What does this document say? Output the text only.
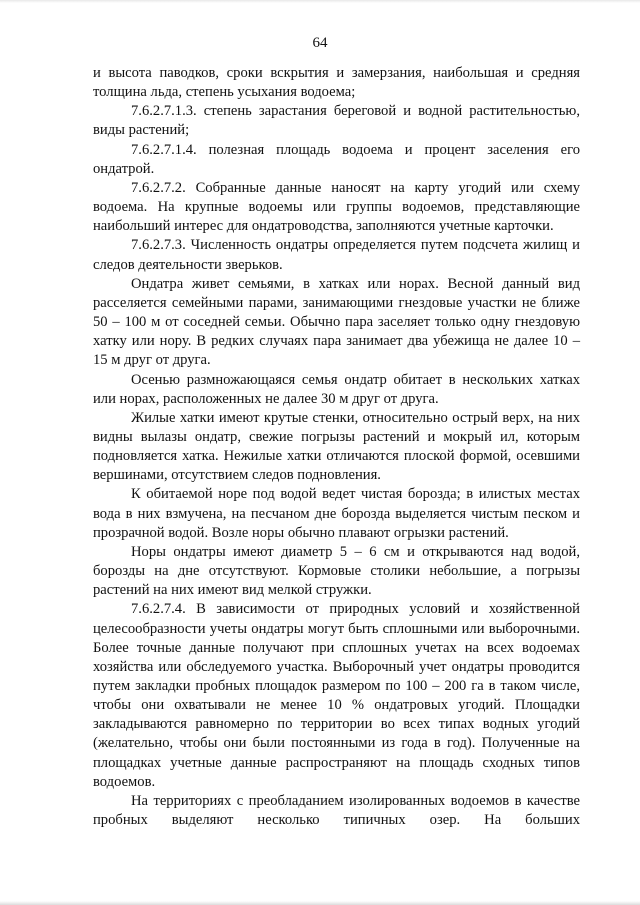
64

и высота паводков, сроки вскрытия и замерзания, наибольшая и средняя толщина льда, степень усыхания водоема;

7.6.2.7.1.3. степень зарастания береговой и водной растительностью, виды растений;

7.6.2.7.1.4. полезная площадь водоема и процент заселения его ондатрой.

7.6.2.7.2. Собранные данные наносят на карту угодий или схему водоема. На крупные водоемы или группы водоемов, представляющие наибольший интерес для ондатроводства, заполняются учетные карточки.

7.6.2.7.3. Численность ондатры определяется путем подсчета жилищ и следов деятельности зверьков.

Ондатра живет семьями, в хатках или норах. Весной данный вид расселяется семейными парами, занимающими гнездовые участки не ближе 50 – 100 м от соседней семьи. Обычно пара заселяет только одну гнездовую хатку или нору. В редких случаях пара занимает два убежища не далее 10 – 15 м друг от друга.

Осенью размножающаяся семья ондатр обитает в нескольких хатках или норах, расположенных не далее 30 м друг от друга.

Жилые хатки имеют крутые стенки, относительно острый верх, на них видны вылазы ондатр, свежие погрызы растений и мокрый ил, которым подновляется хатка. Нежилые хатки отличаются плоской формой, осевшими вершинами, отсутствием следов подновления.

К обитаемой норе под водой ведет чистая борозда; в илистых местах вода в них взмучена, на песчаном дне борозда выделяется чистым песком и прозрачной водой. Возле норы обычно плавают огрызки растений.

Норы ондатры имеют диаметр 5 – 6 см и открываются над водой, борозды на дне отсутствуют. Кормовые столики небольшие, а погрызы растений на них имеют вид мелкой стружки.

7.6.2.7.4. В зависимости от природных условий и хозяйственной целесообразности учеты ондатры могут быть сплошными или выборочными. Более точные данные получают при сплошных учетах на всех водоемах хозяйства или обследуемого участка. Выборочный учет ондатры проводится путем закладки пробных площадок размером по 100 – 200 га в таком числе, чтобы они охватывали не менее 10 % ондатровых угодий. Площадки закладываются равномерно по территории во всех типах водных угодий (желательно, чтобы они были постоянными из года в год). Полученные на площадках учетные данные распространяют на площадь сходных типов водоемов.

На территориях с преобладанием изолированных водоемов в качестве пробных выделяют несколько типичных озер. На больших
